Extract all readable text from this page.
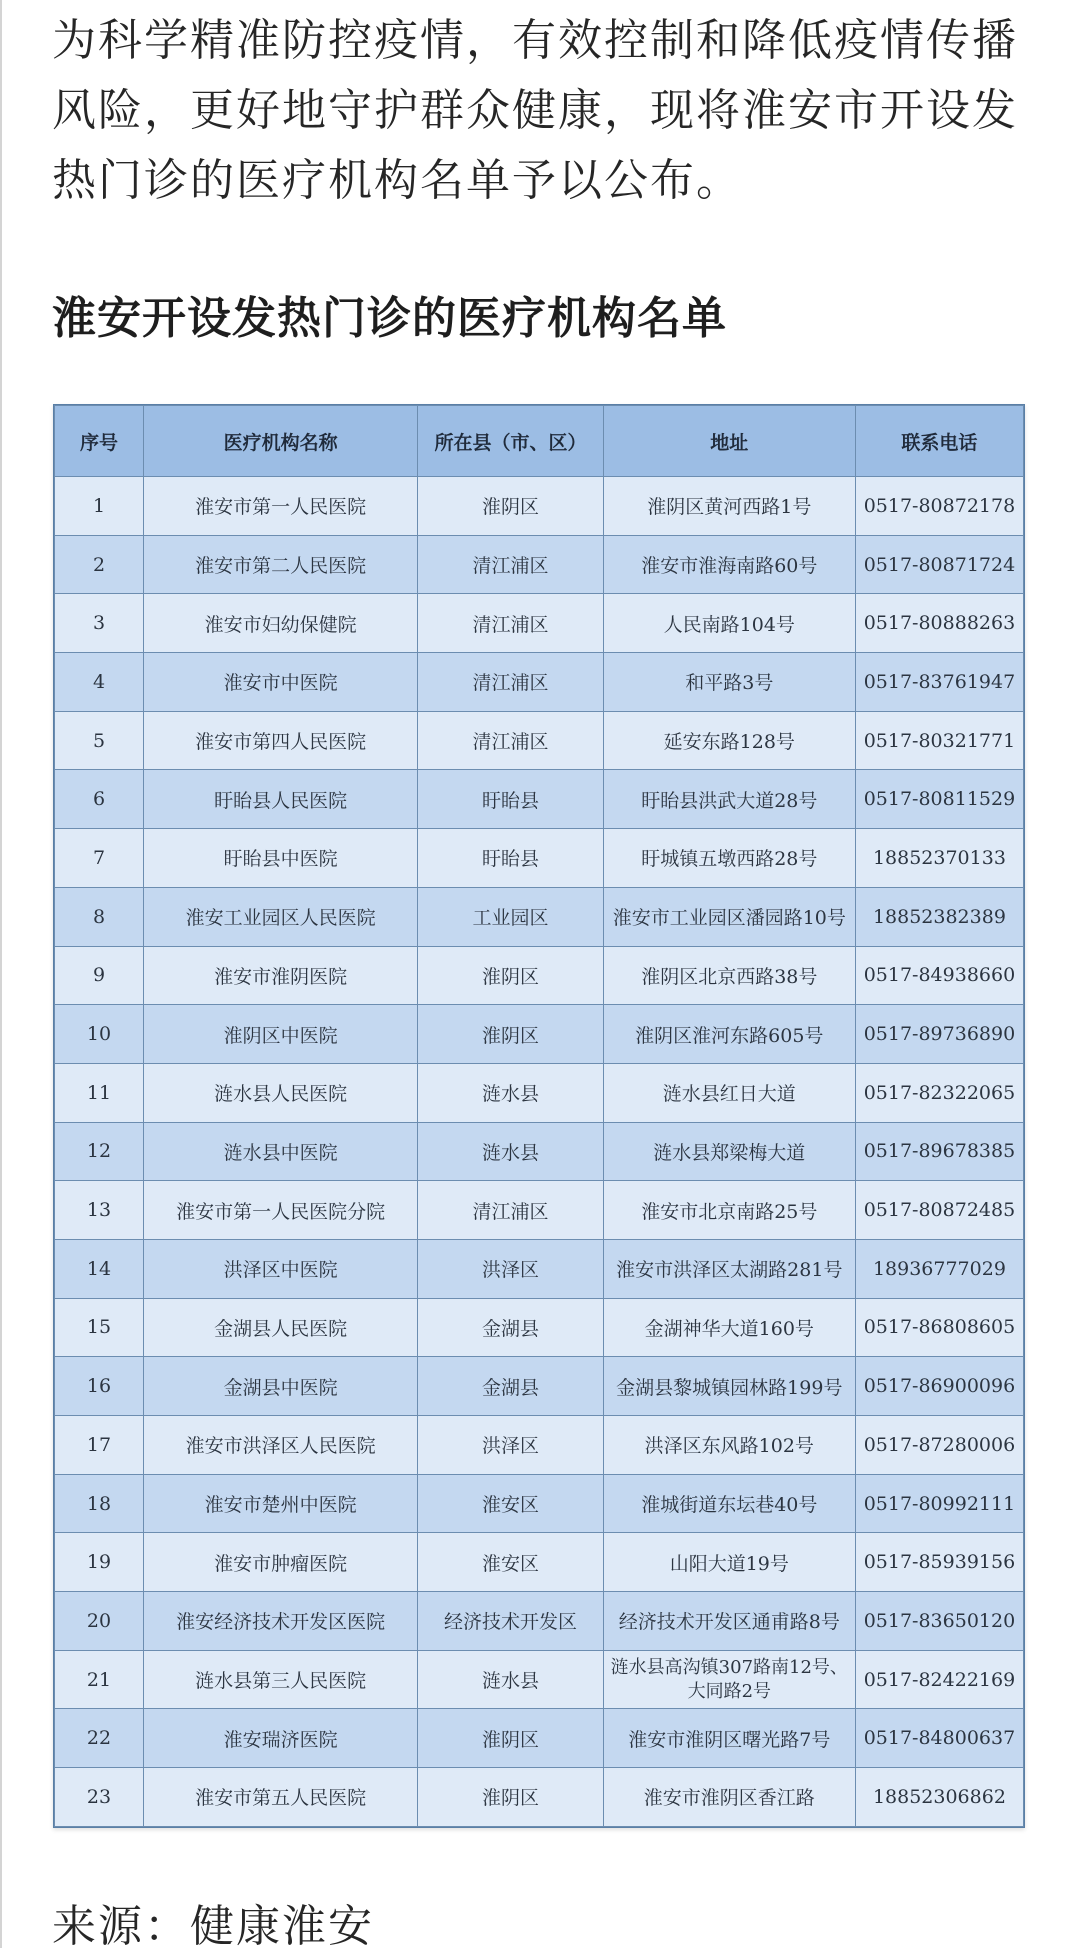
为科学精准防控疫情，有效控制和降低疫情传播风险，更好地守护群众健康，现将淮安市开设发热门诊的医疗机构名单予以公布。

淮安开设发热门诊的医疗机构名单
序号	医疗机构名称	所在县（市、区）	地址	联系电话
1	淮安市第一人民医院	淮阴区	淮阴区黄河西路1号	0517-80872178
2	淮安市第二人民医院	清江浦区	淮安市淮海南路60号	0517-80871724
3	淮安市妇幼保健院	清江浦区	人民南路104号	0517-80888263
4	淮安市中医院	清江浦区	和平路3号	0517-83761947
5	淮安市第四人民医院	清江浦区	延安东路128号	0517-80321771
6	盱眙县人民医院	盱眙县	盱眙县洪武大道28号	0517-80811529
7	盱眙县中医院	盱眙县	盱城镇五墩西路28号	18852370133
8	淮安工业园区人民医院	工业园区	淮安市工业园区潘园路10号	18852382389
9	淮安市淮阴医院	淮阴区	淮阴区北京西路38号	0517-84938660
10	淮阴区中医院	淮阴区	淮阴区淮河东路605号	0517-89736890
11	涟水县人民医院	涟水县	涟水县红日大道	0517-82322065
12	涟水县中医院	涟水县	涟水县郑梁梅大道	0517-89678385
13	淮安市第一人民医院分院	清江浦区	淮安市北京南路25号	0517-80872485
14	洪泽区中医院	洪泽区	淮安市洪泽区太湖路281号	18936777029
15	金湖县人民医院	金湖县	金湖神华大道160号	0517-86808605
16	金湖县中医院	金湖县	金湖县黎城镇园林路199号	0517-86900096
17	淮安市洪泽区人民医院	洪泽区	洪泽区东风路102号	0517-87280006
18	淮安市楚州中医院	淮安区	淮城街道东坛巷40号	0517-80992111
19	淮安市肿瘤医院	淮安区	山阳大道19号	0517-85939156
20	淮安经济技术开发区医院	经济技术开发区	经济技术开发区通甫路8号	0517-83650120
21	涟水县第三人民医院	涟水县	涟水县高沟镇307路南12号、大同路2号	0517-82422169
22	淮安瑞济医院	淮阴区	淮安市淮阴区曙光路7号	0517-84800637
23	淮安市第五人民医院	淮阴区	淮安市淮阴区香江路	18852306862

来源：健康淮安
